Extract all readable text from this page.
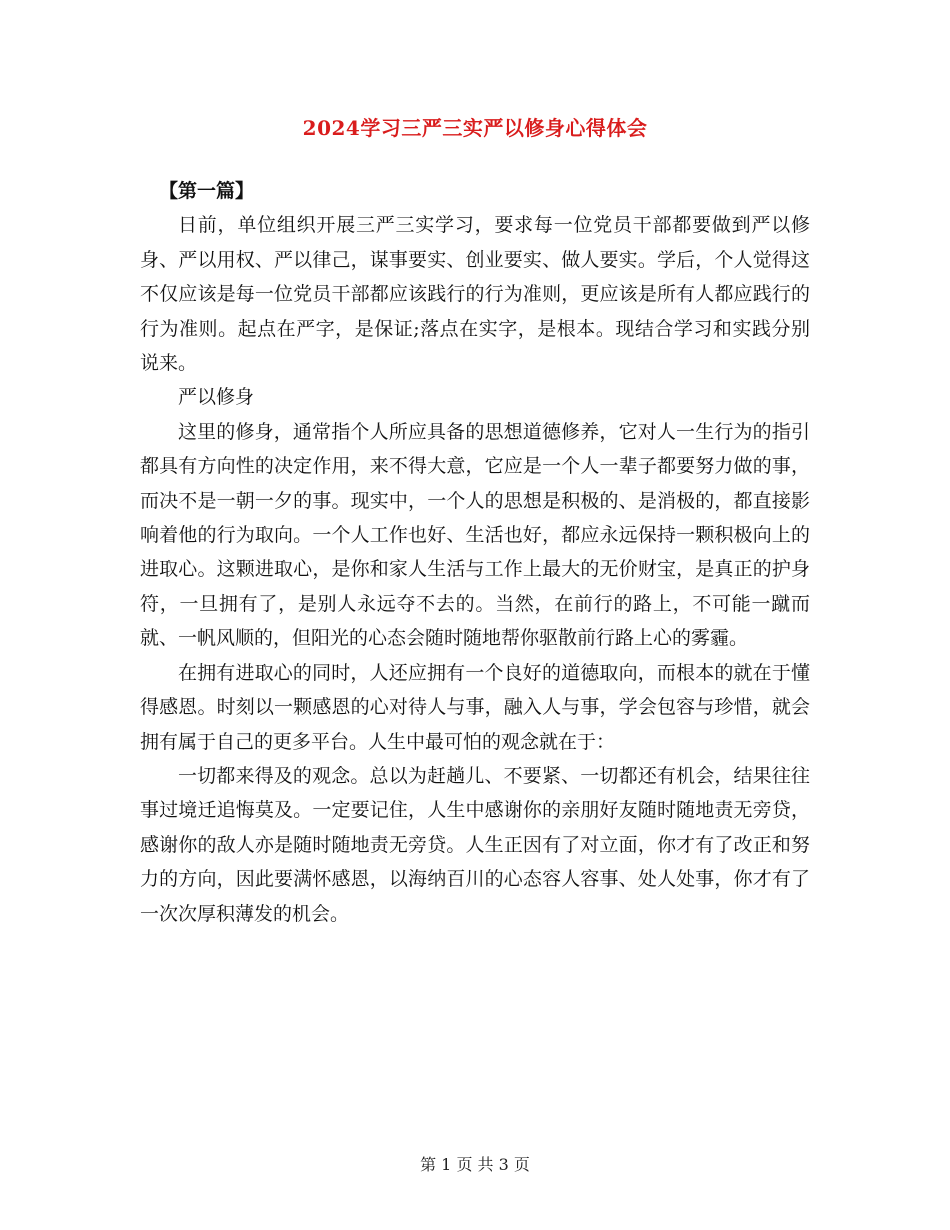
2024学习三严三实严以修身心得体会

【第一篇】

日前，单位组织开展三严三实学习，要求每一位党员干部都要做到严以修身、严以用权、严以律己，谋事要实、创业要实、做人要实。学后，个人觉得这不仅应该是每一位党员干部都应该践行的行为准则，更应该是所有人都应践行的行为准则。起点在严字，是保证;落点在实字，是根本。现结合学习和实践分别说来。

严以修身

这里的修身，通常指个人所应具备的思想道德修养，它对人一生行为的指引都具有方向性的决定作用，来不得大意，它应是一个人一辈子都要努力做的事，而决不是一朝一夕的事。现实中，一个人的思想是积极的、是消极的，都直接影响着他的行为取向。一个人工作也好、生活也好，都应永远保持一颗积极向上的进取心。这颗进取心，是你和家人生活与工作上最大的无价财宝，是真正的护身符，一旦拥有了，是别人永远夺不去的。当然，在前行的路上，不可能一蹴而就、一帆风顺的，但阳光的心态会随时随地帮你驱散前行路上心的雾霾。

在拥有进取心的同时，人还应拥有一个良好的道德取向，而根本的就在于懂得感恩。时刻以一颗感恩的心对待人与事，融入人与事，学会包容与珍惜，就会拥有属于自己的更多平台。人生中最可怕的观念就在于：

一切都来得及的观念。总以为赶趟儿、不要紧、一切都还有机会，结果往往事过境迁追悔莫及。一定要记住，人生中感谢你的亲朋好友随时随地责无旁贷，感谢你的敌人亦是随时随地责无旁贷。人生正因有了对立面，你才有了改正和努力的方向，因此要满怀感恩，以海纳百川的心态容人容事、处人处事，你才有了一次次厚积薄发的机会。

第 1 页 共 3 页
